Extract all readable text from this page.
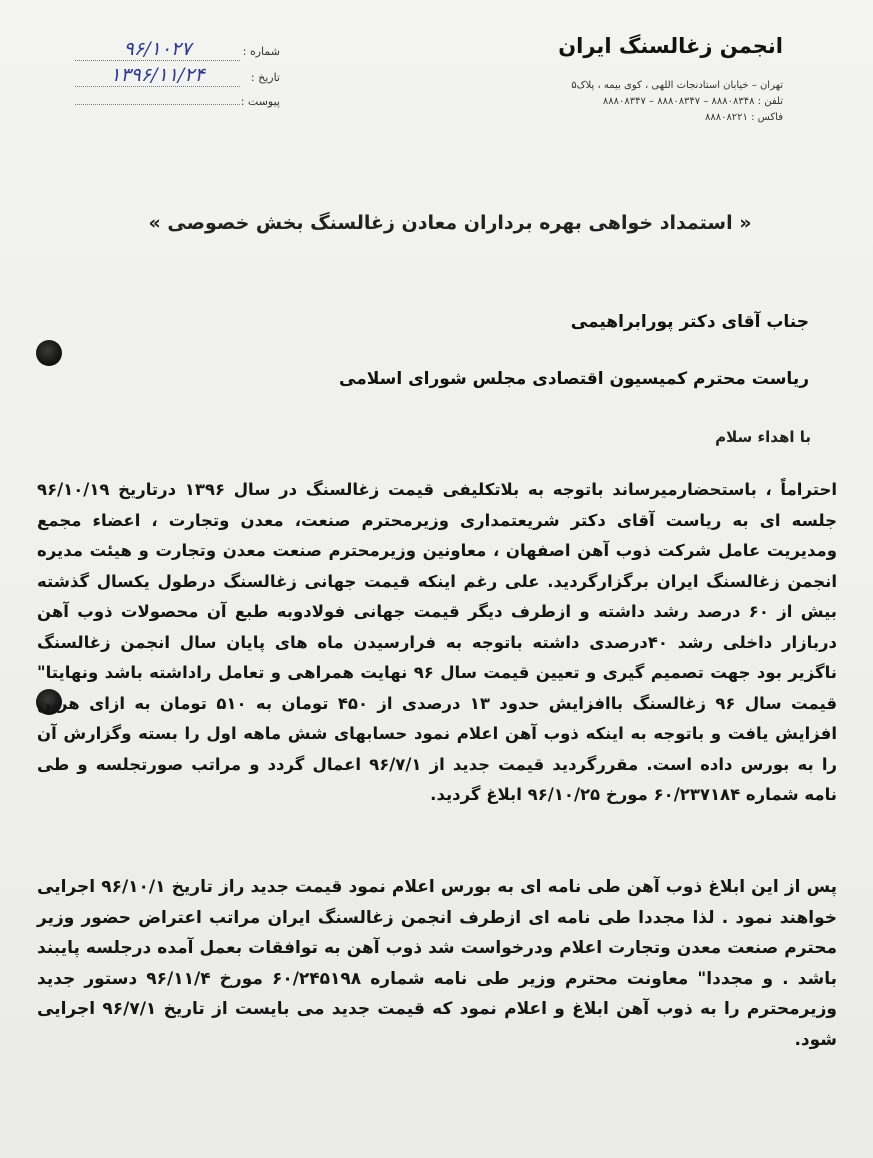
انجمن زغالسنگ ایران
تهران – خیابان استادنجات اللهی ، کوی بیمه ، پلاک۵
تلفن : ۸۸۸۰۸۳۴۸ – ۸۸۸۰۸۳۴۷ – ۸۸۸۰۸۳۴۷
فاکس : ۸۸۸۰۸۲۲۱
شماره :
۹۶/۱۰۲۷
تاریخ :
۱۳۹۶/۱۱/۲۴
پیوست :
« استمداد خواهی بهره برداران معادن زغالسنگ بخش خصوصی »
جناب آقای دکتر پورابراهیمی
ریاست محترم کمیسیون اقتصادی مجلس شورای اسلامی
با اهداء سلام
احتراماً ، باستحضارمیرساند باتوجه به بلاتکلیفی قیمت زغالسنگ در سال ۱۳۹۶ درتاریخ ۹۶/۱۰/۱۹ جلسه ای به ریاست آقای دکتر شریعتمداری وزیرمحترم صنعت، معدن وتجارت ، اعضاء مجمع ومدیریت عامل شرکت ذوب آهن اصفهان ، معاونین وزیرمحترم صنعت معدن وتجارت و هیئت مدیره انجمن زغالسنگ ایران برگزارگردید. علی رغم اینکه قیمت جهانی زغالسنگ درطول یکسال گذشته بیش از ۶۰ درصد رشد داشته و ازطرف دیگر قیمت جهانی فولادوبه طبع آن محصولات ذوب آهن دربازار داخلی رشد ۴۰درصدی داشته باتوجه به فرارسیدن ماه های پایان سال انجمن زغالسنگ ناگزیر بود جهت تصمیم گیری و تعیین قیمت سال ۹۶ نهایت همراهی و تعامل راداشته باشد ونهایتا" قیمت سال ۹۶ زغالسنگ باافزایش حدود ۱۳ درصدی از ۴۵۰ تومان به ۵۱۰ تومان به ازای هرتن افزایش یافت و باتوجه به اینکه ذوب آهن اعلام نمود حسابهای شش ماهه اول را بسته وگزارش آن را به بورس داده است. مقررگردید قیمت جدید از ۹۶/۷/۱ اعمال گردد و مراتب صورتجلسه و طی نامه شماره ۶۰/۲۳۷۱۸۴ مورخ ۹۶/۱۰/۲۵ ابلاغ گردید.
پس از این ابلاغ ذوب آهن طی نامه ای به بورس اعلام نمود قیمت جدید راز تاریخ ۹۶/۱۰/۱ اجرایی خواهند نمود . لذا مجددا طی نامه ای ازطرف انجمن زغالسنگ ایران مراتب اعتراض حضور وزیر محترم صنعت معدن وتجارت اعلام ودرخواست شد ذوب آهن به توافقات بعمل آمده درجلسه پایبند باشد . و مجددا" معاونت محترم وزیر طی نامه شماره ۶۰/۲۴۵۱۹۸ مورخ ۹۶/۱۱/۴ دستور جدید وزیرمحترم را به ذوب آهن ابلاغ و اعلام نمود که قیمت جدید می بایست از تاریخ ۹۶/۷/۱ اجرایی شود.
